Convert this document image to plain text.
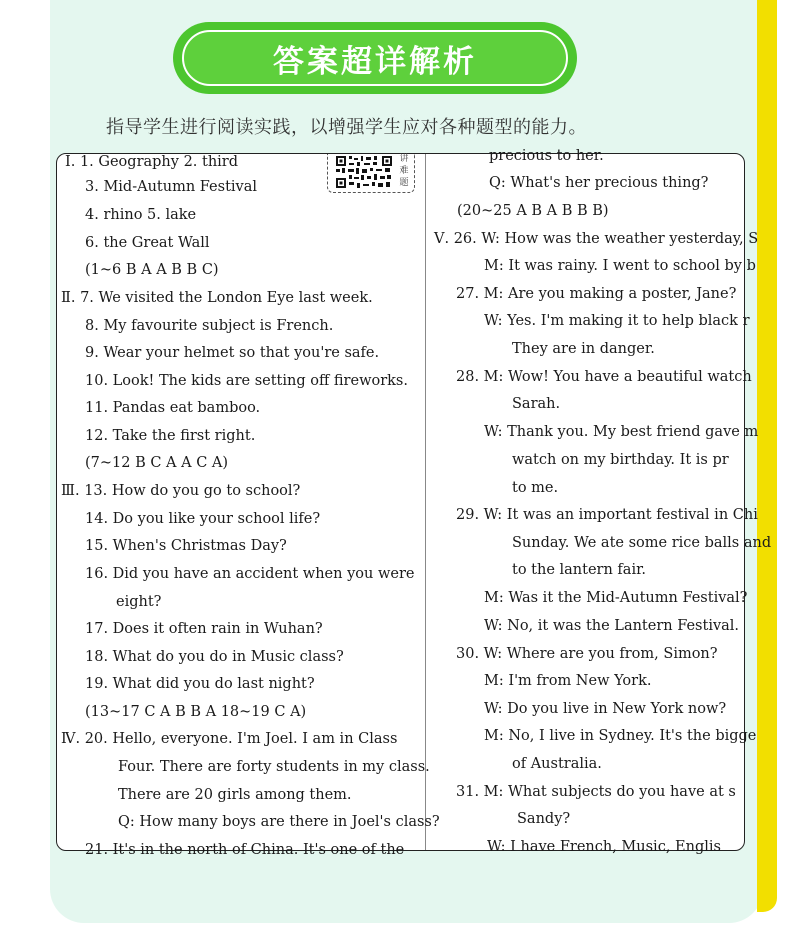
答案超详解析
指导学生进行阅读实践，以增强学生应对各种题型的能力。
Ⅰ. 1. Geography 2. third
3. Mid-Autumn Festival
4. rhino 5. lake
6. the Great Wall
(1~6 B A A B B C)
Ⅱ. 7. We visited the London Eye last week.
8. My favourite subject is French.
9. Wear your helmet so that you're safe.
10. Look! The kids are setting off fireworks.
11. Pandas eat bamboo.
12. Take the first right.
(7~12 B C A A C A)
Ⅲ. 13. How do you go to school?
14. Do you like your school life?
15. When's Christmas Day?
16. Did you have an accident when you were
eight?
17. Does it often rain in Wuhan?
18. What do you do in Music class?
19. What did you do last night?
(13~17 C A B B A 18~19 C A)
Ⅳ. 20. Hello, everyone. I'm Joel. I am in Class
Four. There are forty students in my class.
There are 20 girls among them.
Q: How many boys are there in Joel's class?
21. It's in the north of China. It's one of the
讲难题
precious to her.
Q: What's her precious thing?
(20~25 A B A B B B)
Ⅴ. 26. W: How was the weather yesterday, S
M: It was rainy. I went to school by b
27. M: Are you making a poster, Jane?
W: Yes. I'm making it to help black r
They are in danger.
28. M: Wow! You have a beautiful watch
Sarah.
W: Thank you. My best friend gave m
watch on my birthday. It is pr
to me.
29. W: It was an important festival in Chi
Sunday. We ate some rice balls and
to the lantern fair.
M: Was it the Mid-Autumn Festival?
W: No, it was the Lantern Festival.
30. W: Where are you from, Simon?
M: I'm from New York.
W: Do you live in New York now?
M: No, I live in Sydney. It's the bigge
of Australia.
31. M: What subjects do you have at s
Sandy?
W: I have French, Music, Englis
